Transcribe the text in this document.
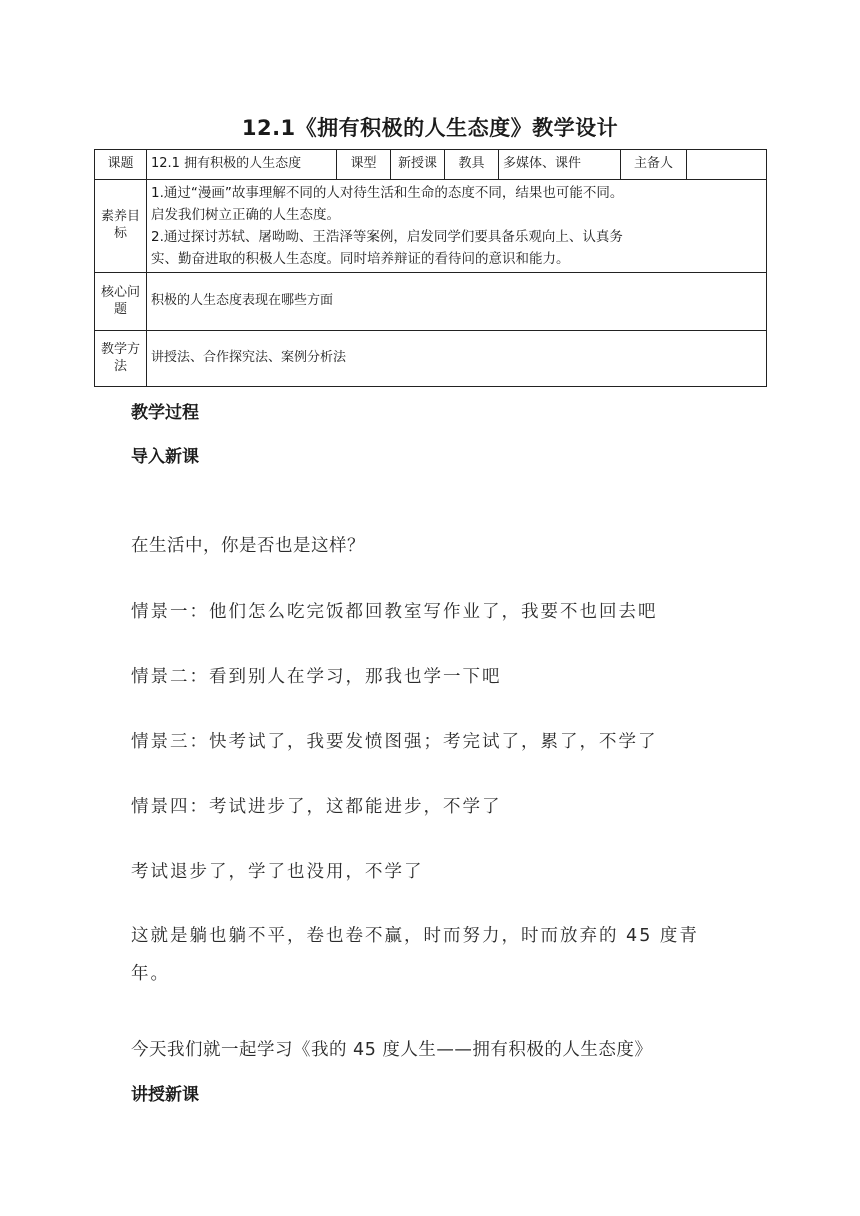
12.1《拥有积极的人生态度》教学设计
课题	12.1 拥有积极的人生态度	课型	新授课	教具	多媒体、课件	主备人	
素养目标	1.通过“漫画”故事理解不同的人对待生活和生命的态度不同，结果也可能不同。
启发我们树立正确的人生态度。
2.通过探讨苏轼、屠呦呦、王浩泽等案例，启发同学们要具备乐观向上、认真务
实、勤奋进取的积极人生态度。同时培养辩证的看待问的意识和能力。						

核心问题	积极的人生态度表现在哪些方面						
教学方法	讲授法、合作探究法、案例分析法						
教学过程
导入新课
在生活中，你是否也是这样？
情景一：他们怎么吃完饭都回教室写作业了，我要不也回去吧
情景二：看到别人在学习，那我也学一下吧
情景三：快考试了，我要发愤图强；考完试了，累了，不学了
情景四：考试进步了，这都能进步，不学了
考试退步了，学了也没用，不学了
这就是躺也躺不平，卷也卷不赢，时而努力，时而放弃的 45 度青年。
今天我们就一起学习《我的 45 度人生——拥有积极的人生态度》
讲授新课
